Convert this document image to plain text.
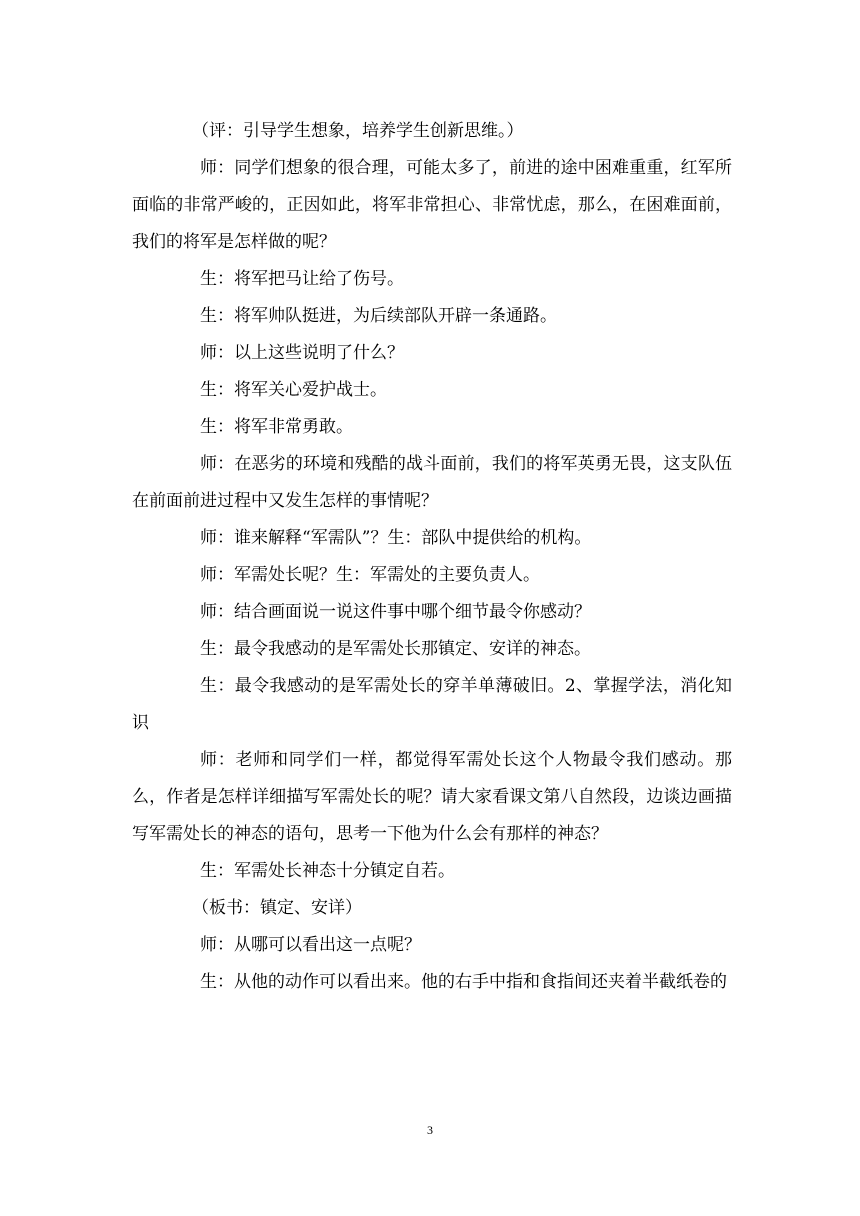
（评：引导学生想象，培养学生创新思维。）

师：同学们想象的很合理，可能太多了，前进的途中困难重重，红军所面临的非常严峻的，正因如此，将军非常担心、非常忧虑，那么，在困难面前，我们的将军是怎样做的呢？

生：将军把马让给了伤号。

生：将军帅队挺进，为后续部队开辟一条通路。

师：以上这些说明了什么？

生：将军关心爱护战士。

生：将军非常勇敢。

师：在恶劣的环境和残酷的战斗面前，我们的将军英勇无畏，这支队伍在前面前进过程中又发生怎样的事情呢？

师：谁来解释“军需队”？生：部队中提供给的机构。

师：军需处长呢？生：军需处的主要负责人。

师：结合画面说一说这件事中哪个细节最令你感动？

生：最令我感动的是军需处长那镇定、安详的神态。

生：最令我感动的是军需处长的穿羊单薄破旧。2、掌握学法，消化知识

师：老师和同学们一样，都觉得军需处长这个人物最令我们感动。那么，作者是怎样详细描写军需处长的呢？请大家看课文第八自然段，边谈边画描写军需处长的神态的语句，思考一下他为什么会有那样的神态？

生：军需处长神态十分镇定自若。

（板书：镇定、安详）

师：从哪可以看出这一点呢？

生：从他的动作可以看出来。他的右手中指和食指间还夹着半截纸卷的

3
